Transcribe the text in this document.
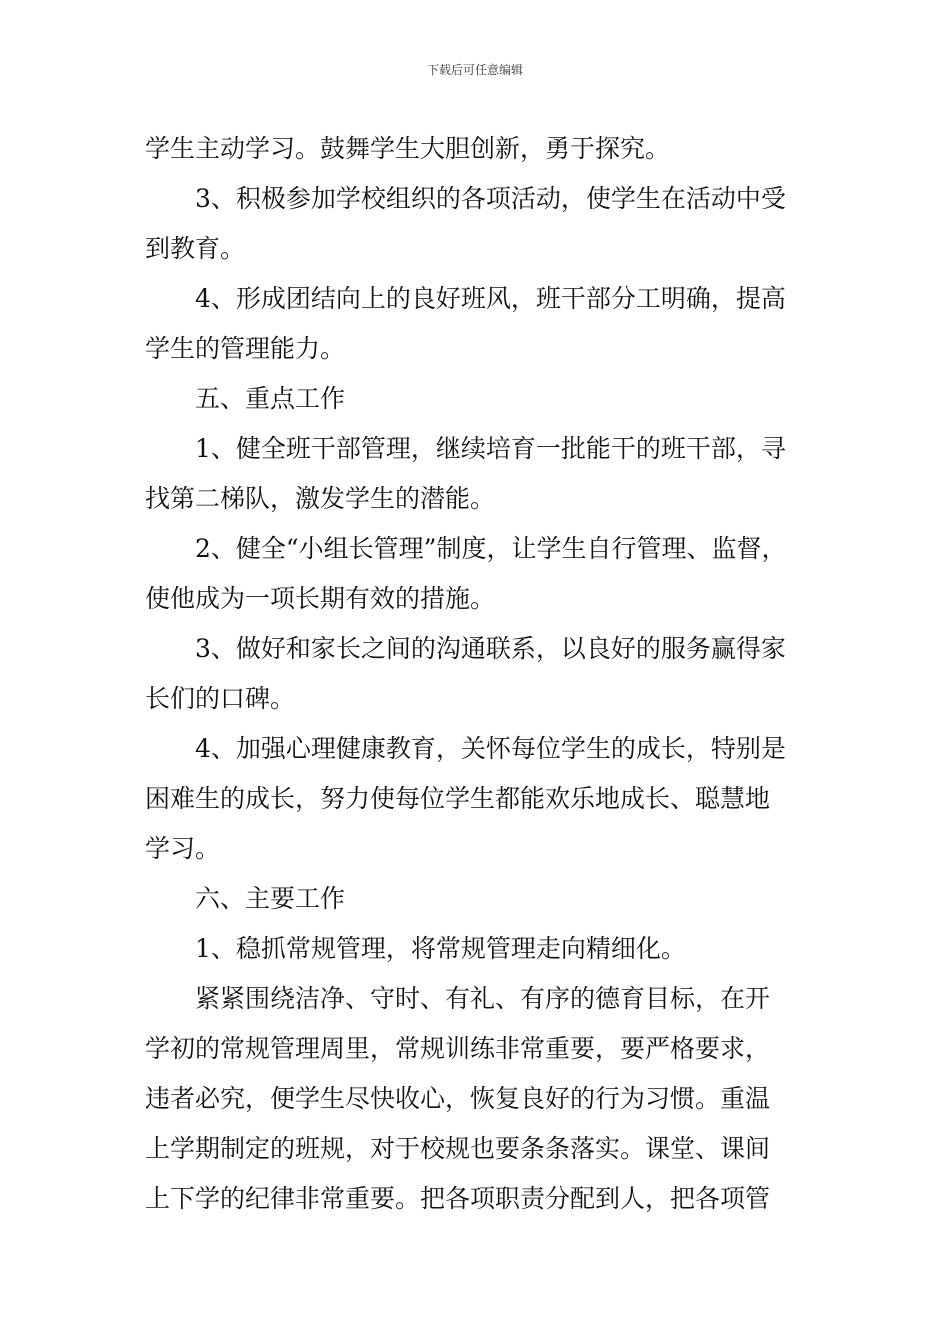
下载后可任意编辑
学生主动学习。鼓舞学生大胆创新，勇于探究。
3、积极参加学校组织的各项活动，使学生在活动中受
到教育。
4、形成团结向上的良好班风，班干部分工明确，提高
学生的管理能力。
五、重点工作
1、健全班干部管理，继续培育一批能干的班干部，寻
找第二梯队，激发学生的潜能。
2、健全“小组长管理”制度，让学生自行管理、监督，
使他成为一项长期有效的措施。
3、做好和家长之间的沟通联系，以良好的服务赢得家
长们的口碑。
4、加强心理健康教育，关怀每位学生的成长，特别是
困难生的成长，努力使每位学生都能欢乐地成长、聪慧地
学习。
六、主要工作
1、稳抓常规管理，将常规管理走向精细化。
紧紧围绕洁净、守时、有礼、有序的德育目标，在开
学初的常规管理周里，常规训练非常重要，要严格要求，
违者必究，便学生尽快收心，恢复良好的行为习惯。重温
上学期制定的班规，对于校规也要条条落实。课堂、课间
上下学的纪律非常重要。把各项职责分配到人，把各项管
